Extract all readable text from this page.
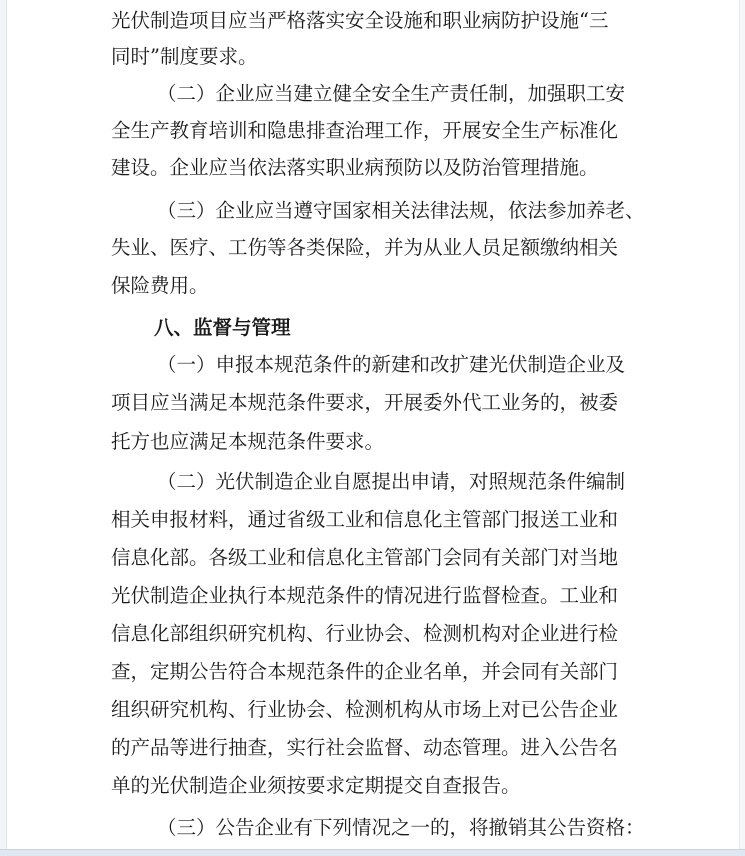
光伏制造项目应当严格落实安全设施和职业病防护设施“三
同时”制度要求。
（二）企业应当建立健全安全生产责任制，加强职工安
全生产教育培训和隐患排查治理工作，开展安全生产标准化
建设。企业应当依法落实职业病预防以及防治管理措施。
（三）企业应当遵守国家相关法律法规，依法参加养老、
失业、医疗、工伤等各类保险，并为从业人员足额缴纳相关
保险费用。
八、监督与管理
（一）申报本规范条件的新建和改扩建光伏制造企业及
项目应当满足本规范条件要求，开展委外代工业务的，被委
托方也应满足本规范条件要求。
（二）光伏制造企业自愿提出申请，对照规范条件编制
相关申报材料，通过省级工业和信息化主管部门报送工业和
信息化部。各级工业和信息化主管部门会同有关部门对当地
光伏制造企业执行本规范条件的情况进行监督检查。工业和
信息化部组织研究机构、行业协会、检测机构对企业进行检
查，定期公告符合本规范条件的企业名单，并会同有关部门
组织研究机构、行业协会、检测机构从市场上对已公告企业
的产品等进行抽查，实行社会监督、动态管理。进入公告名
单的光伏制造企业须按要求定期提交自查报告。
（三）公告企业有下列情况之一的，将撤销其公告资格：
